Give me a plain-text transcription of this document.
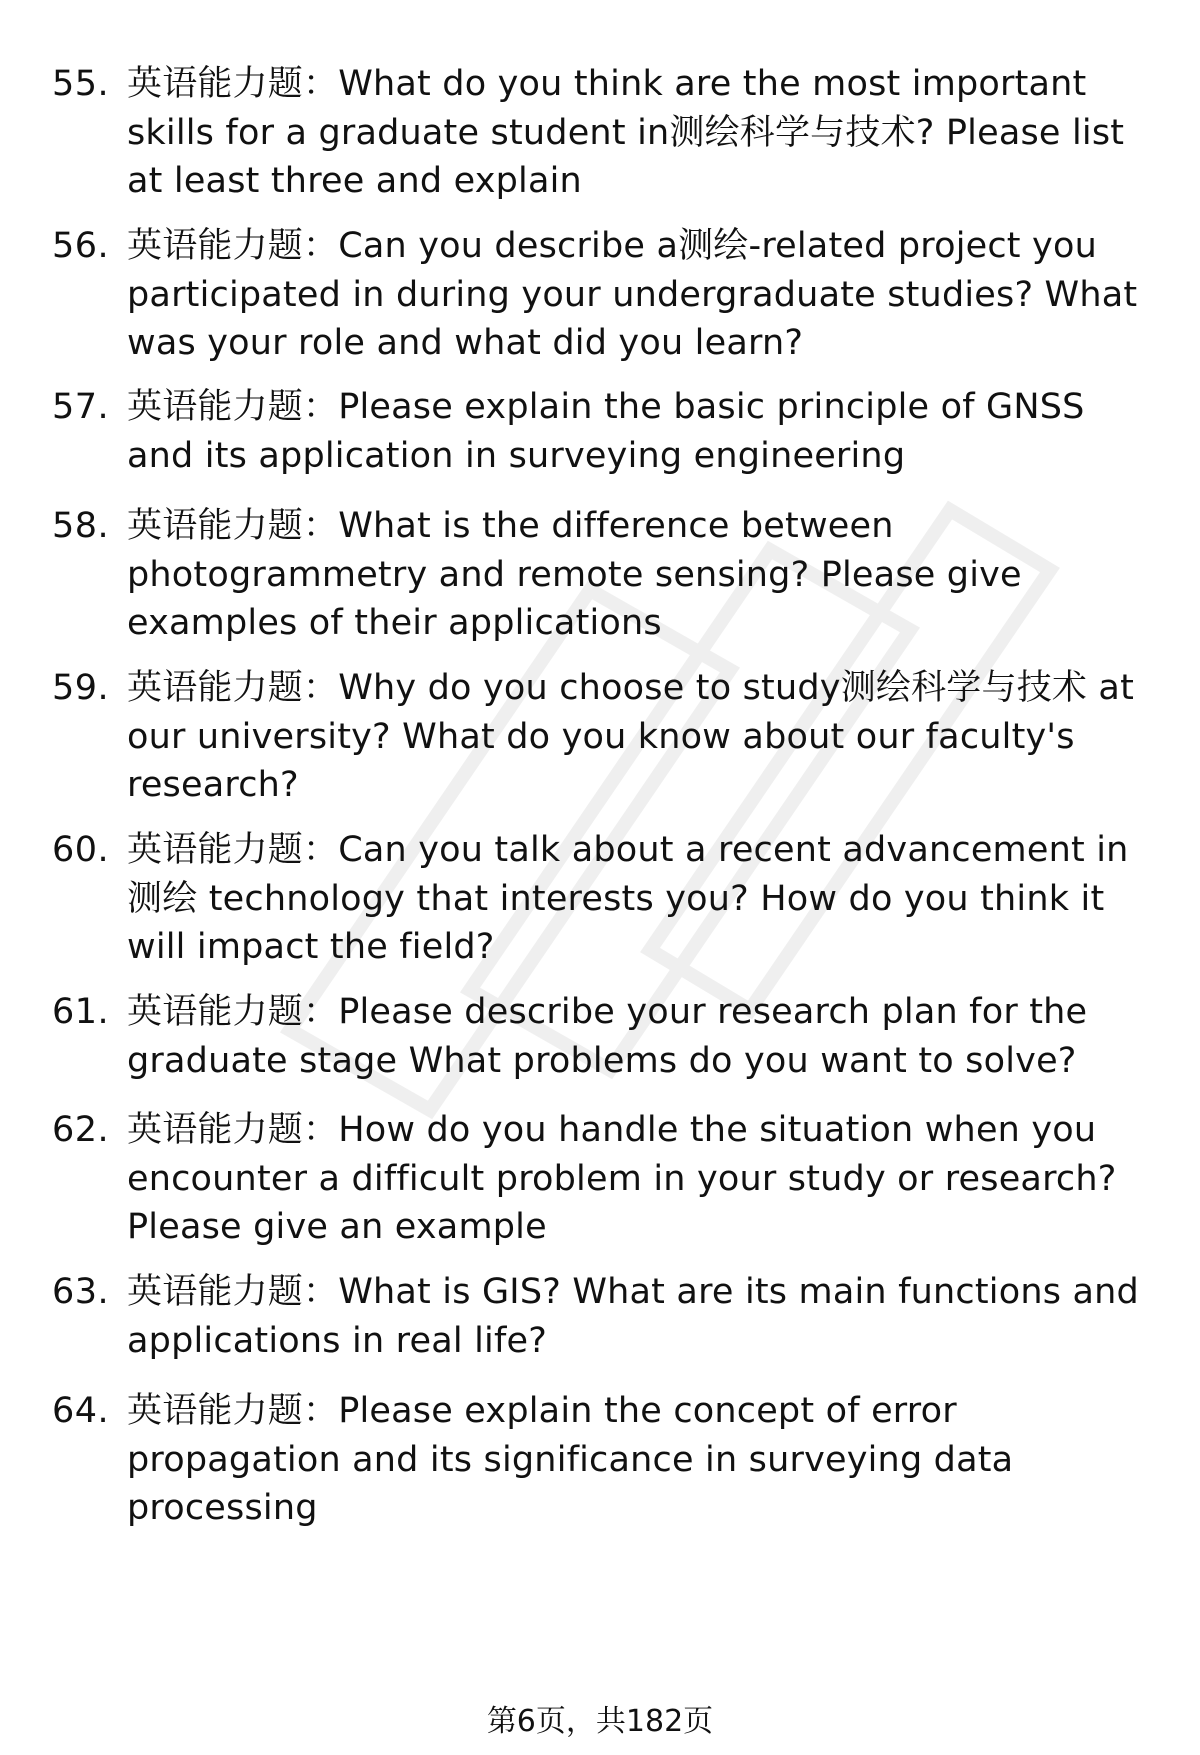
55. 英语能力题：What do you think are the most important skills for a graduate student in测绘科学与技术? Please list at least three and explain
56. 英语能力题：Can you describe a测绘-related project you participated in during your undergraduate studies? What was your role and what did you learn?
57. 英语能力题：Please explain the basic principle of GNSS and its application in surveying engineering
58. 英语能力题：What is the difference between photogrammetry and remote sensing? Please give examples of their applications
59. 英语能力题：Why do you choose to study测绘科学与技术 at our university? What do you know about our faculty's research?
60. 英语能力题：Can you talk about a recent advancement in测绘 technology that interests you? How do you think it will impact the field?
61. 英语能力题：Please describe your research plan for the graduate stage What problems do you want to solve?
62. 英语能力题：How do you handle the situation when you encounter a difficult problem in your study or research? Please give an example
63. 英语能力题：What is GIS? What are its main functions and applications in real life?
64. 英语能力题：Please explain the concept of error propagation and its significance in surveying data processing
第6页，共182页
